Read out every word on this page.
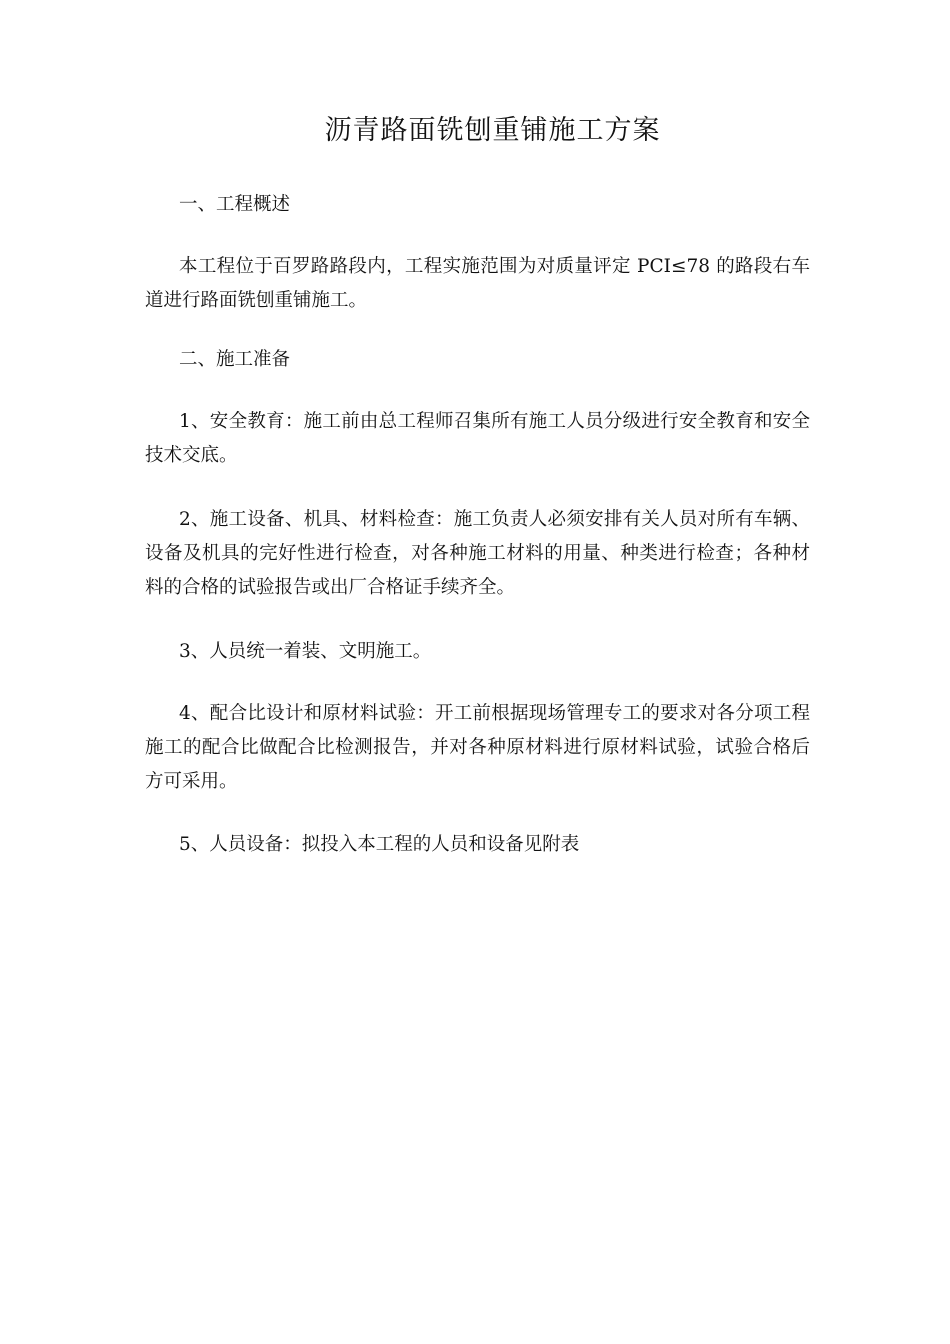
沥青路面铣刨重铺施工方案

一、工程概述

本工程位于百罗路路段内，工程实施范围为对质量评定 PCI≤78 的路段右车道进行路面铣刨重铺施工。

二、施工准备

1、安全教育：施工前由总工程师召集所有施工人员分级进行安全教育和安全技术交底。

2、施工设备、机具、材料检查：施工负责人必须安排有关人员对所有车辆、设备及机具的完好性进行检查，对各种施工材料的用量、种类进行检查；各种材料的合格的试验报告或出厂合格证手续齐全。

3、人员统一着装、文明施工。

4、配合比设计和原材料试验：开工前根据现场管理专工的要求对各分项工程施工的配合比做配合比检测报告，并对各种原材料进行原材料试验，试验合格后方可采用。

5、人员设备：拟投入本工程的人员和设备见附表
